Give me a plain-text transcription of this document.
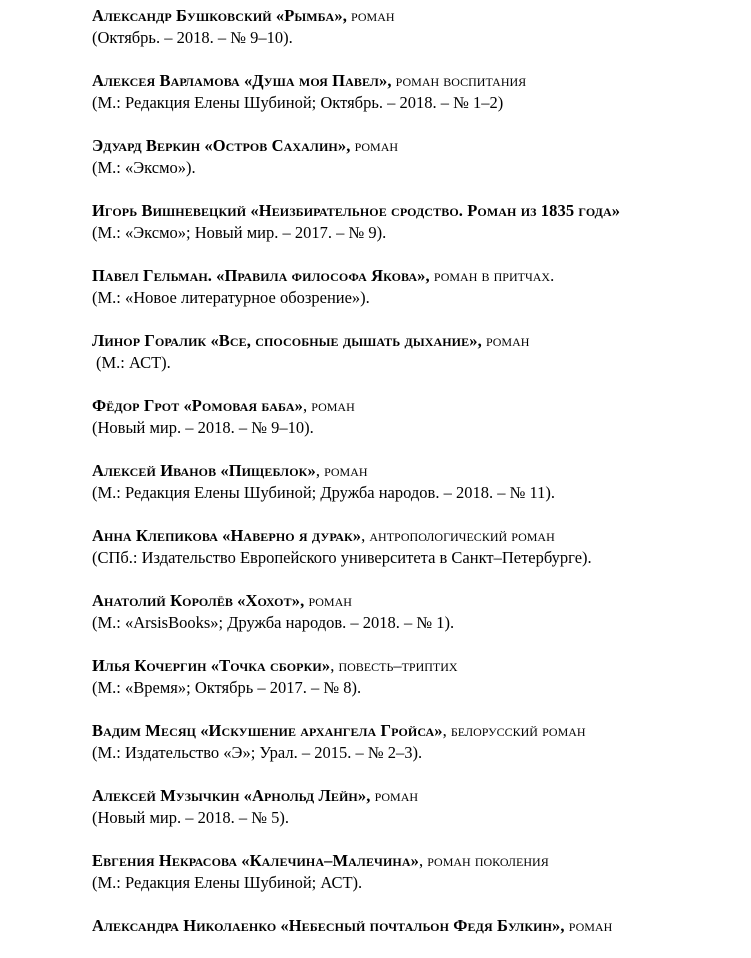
Александр Бушковский «Рымба», роман
(Октябрь. – 2018. – № 9–10).
Алексея Варламова «Душа моя Павел», роман воспитания
(М.: Редакция Елены Шубиной; Октябрь. – 2018. – № 1–2)
Эдуард Веркин «Остров Сахалин», роман
(М.: «Эксмо»).
Игорь Вишневецкий «Неизбирательное сродство. Роман из 1835 года»
(М.: «Эксмо»; Новый мир. – 2017. – № 9).
Павел Гельман. «Правила философа Якова», роман в притчах.
(М.: «Новое литературное обозрение»).
Линор Горалик «Все, способные дышать дыхание», роман
(М.: АСТ).
Фёдор Грот «Ромовая баба», роман
(Новый мир. – 2018. – № 9–10).
Алексей Иванов «Пищеблок», роман
(М.: Редакция Елены Шубиной; Дружба народов. – 2018. – № 11).
Анна Клепикова «Наверно я дурак», антропологический роман
(СПб.: Издательство Европейского университета в Санкт–Петербурге).
Анатолий Королёв «Хохот», роман
(М.: «ArsisBooks»; Дружба народов. – 2018. – № 1).
Илья Кочергин «Точка сборки», повесть–триптих
(М.: «Время»; Октябрь – 2017. – № 8).
Вадим Месяц «Искушение архангела Гройса», белорусский роман
(М.: Издательство «Э»; Урал. – 2015. – № 2–3).
Алексей Музычкин «Арнольд Лейн», роман
(Новый мир. – 2018. – № 5).
Евгения Некрасова «Калечина–Малечина», роман поколения
(М.: Редакция Елены Шубиной; АСТ).
Александра Николаенко «Небесный почтальон Федя Булкин», роман
